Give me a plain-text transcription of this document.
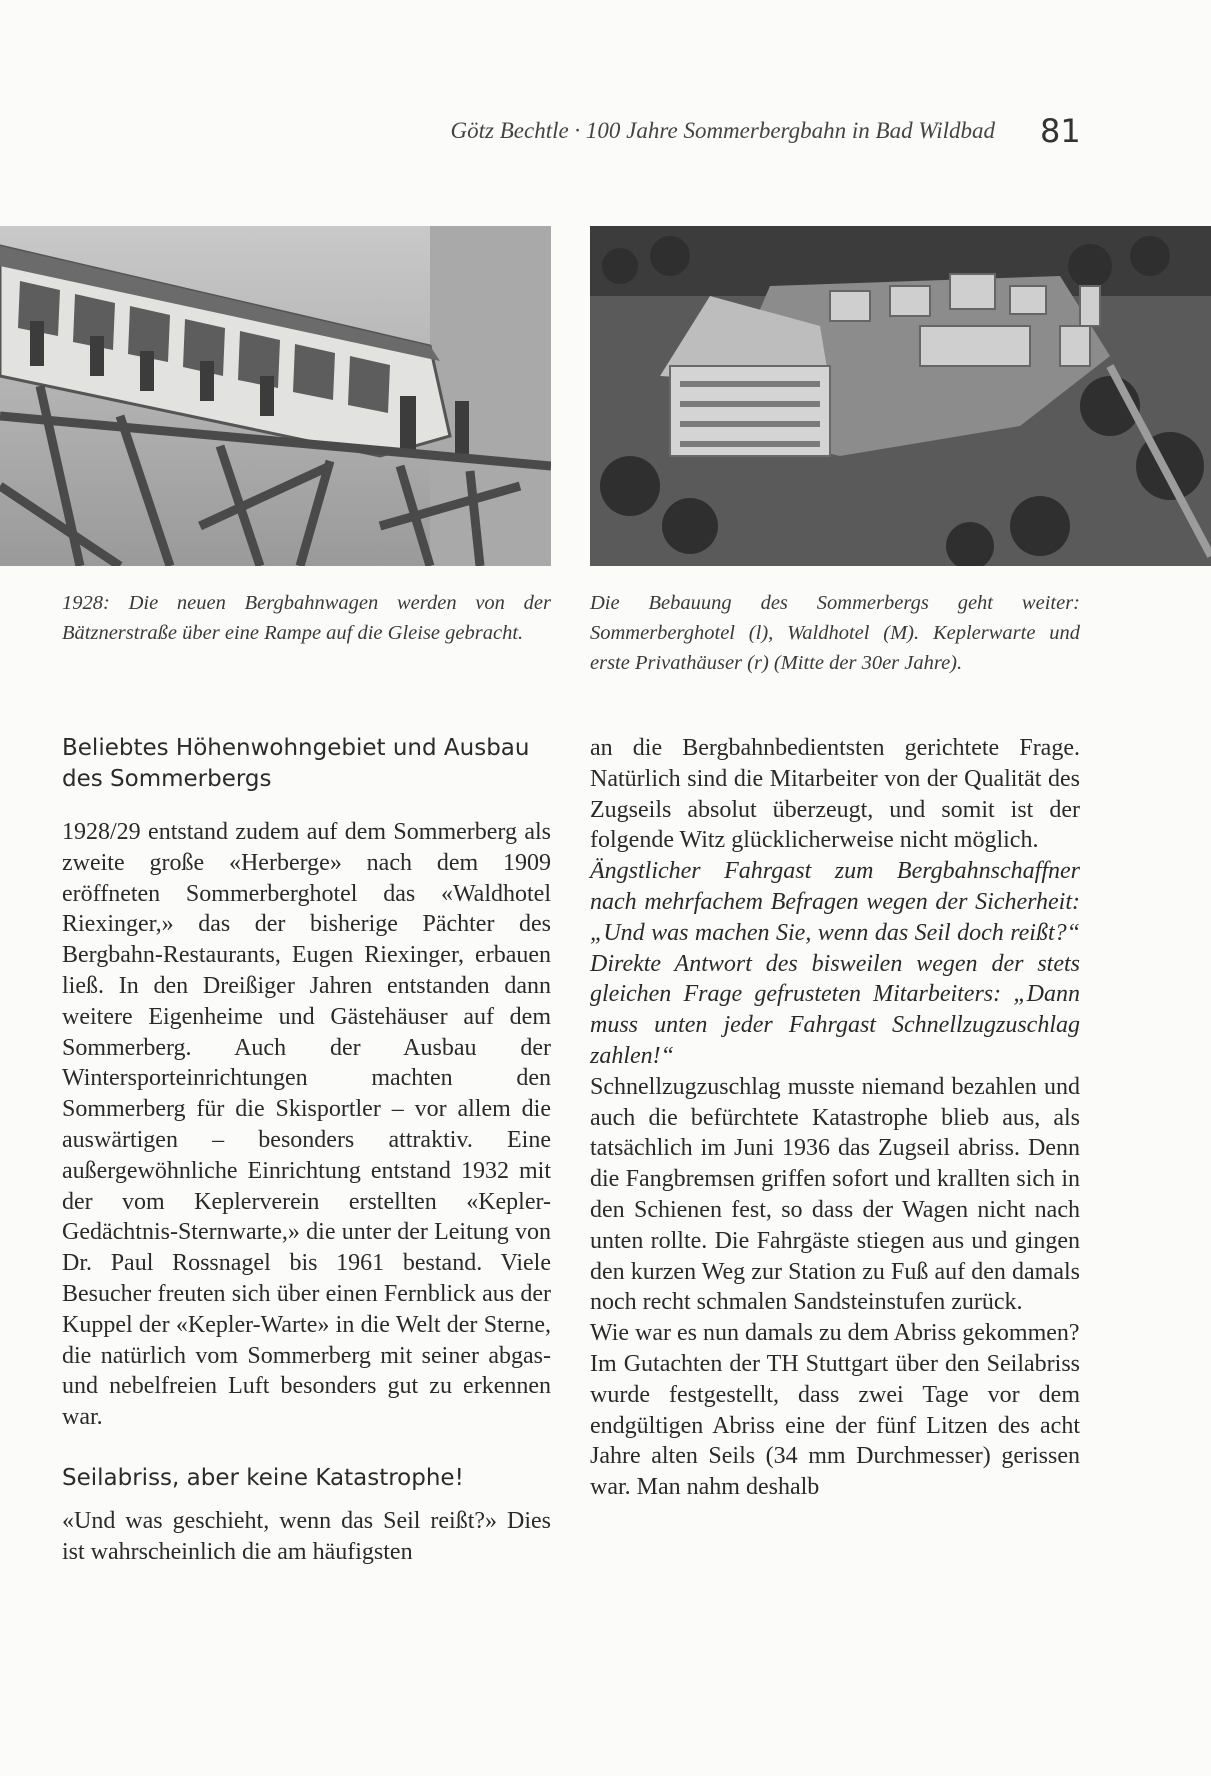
Götz Bechtle · 100 Jahre Sommerbergbahn in Bad Wildbad 81
1928: Die neuen Bergbahnwagen werden von der Bätznerstraße über eine Rampe auf die Gleise gebracht.
Die Bebauung des Sommerbergs geht weiter: Sommerberghotel (l), Waldhotel (M). Keplerwarte und erste Privathäuser (r) (Mitte der 30er Jahre).
Beliebtes Höhenwohngebiet und Ausbau des Sommerbergs

1928/29 entstand zudem auf dem Sommerberg als zweite große «Herberge» nach dem 1909 eröffneten Sommerberghotel das «Waldhotel Riexinger,» das der bisherige Pächter des Bergbahn-Restaurants, Eugen Riexinger, erbauen ließ. In den Dreißiger Jahren entstanden dann weitere Eigenheime und Gästehäuser auf dem Sommerberg. Auch der Ausbau der Wintersporteinrichtungen machten den Sommerberg für die Skisportler – vor allem die auswärtigen – besonders attraktiv. Eine außergewöhnliche Einrichtung entstand 1932 mit der vom Keplerverein erstellten «Kepler-Gedächtnis-Sternwarte,» die unter der Leitung von Dr. Paul Rossnagel bis 1961 bestand. Viele Besucher freuten sich über einen Fernblick aus der Kuppel der «Kepler-Warte» in die Welt der Sterne, die natürlich vom Sommerberg mit seiner abgas- und nebelfreien Luft besonders gut zu erkennen war.

Seilabriss, aber keine Katastrophe!

«Und was geschieht, wenn das Seil reißt?» Dies ist wahrscheinlich die am häufigsten

an die Bergbahnbedientsten gerichtete Frage. Natürlich sind die Mitarbeiter von der Qualität des Zugseils absolut überzeugt, und somit ist der folgende Witz glücklicherweise nicht möglich.

Ängstlicher Fahrgast zum Bergbahnschaffner nach mehrfachem Befragen wegen der Sicherheit: „Und was machen Sie, wenn das Seil doch reißt?“ Direkte Antwort des bisweilen wegen der stets gleichen Frage gefrusteten Mitarbeiters: „Dann muss unten jeder Fahrgast Schnellzugzuschlag zahlen!“

Schnellzugzuschlag musste niemand bezahlen und auch die befürchtete Katastrophe blieb aus, als tatsächlich im Juni 1936 das Zugseil abriss. Denn die Fangbremsen griffen sofort und krallten sich in den Schienen fest, so dass der Wagen nicht nach unten rollte. Die Fahrgäste stiegen aus und gingen den kurzen Weg zur Station zu Fuß auf den damals noch recht schmalen Sandsteinstufen zurück.

Wie war es nun damals zu dem Abriss gekommen?

Im Gutachten der TH Stuttgart über den Seilabriss wurde festgestellt, dass zwei Tage vor dem endgültigen Abriss eine der fünf Litzen des acht Jahre alten Seils (34 mm Durchmesser) gerissen war. Man nahm deshalb
